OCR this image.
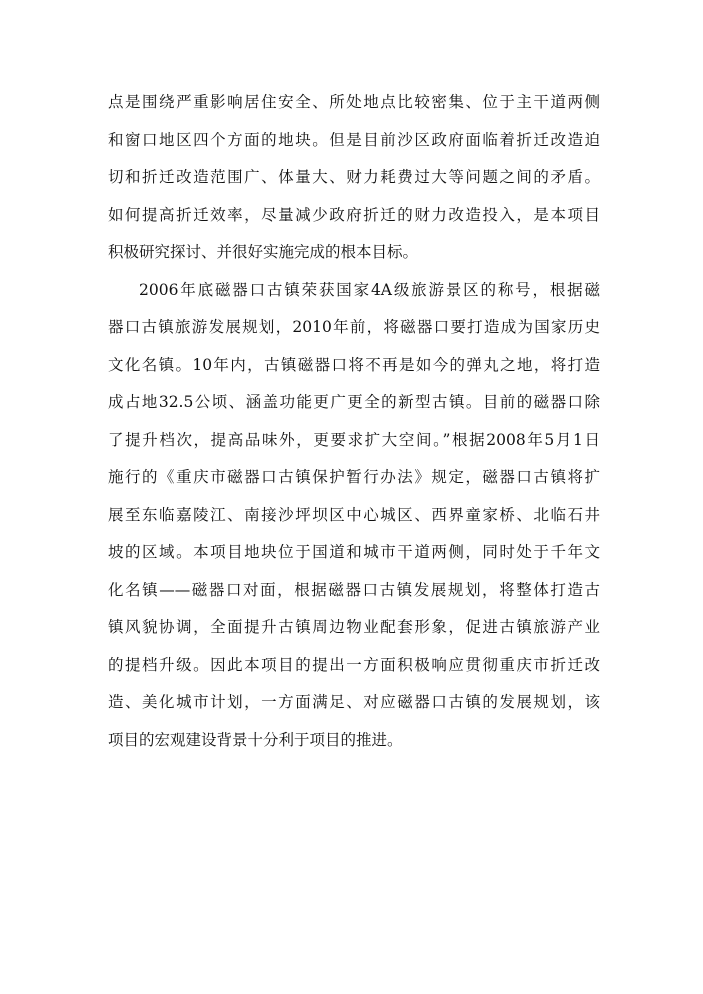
点是围绕严重影响居住安全、所处地点比较密集、位于主干道两侧
和窗口地区四个方面的地块。但是目前沙区政府面临着折迁改造迫
切和折迁改造范围广、体量大、财力耗费过大等问题之间的矛盾。
如何提高折迁效率，尽量减少政府折迁的财力改造投入，是本项目
积极研究探讨、并很好实施完成的根本目标。
2006年底磁器口古镇荣获国家4A级旅游景区的称号，根据磁
器口古镇旅游发展规划，2010年前，将磁器口要打造成为国家历史
文化名镇。10年内，古镇磁器口将不再是如今的弹丸之地，将打造
成占地32.5公顷、涵盖功能更广更全的新型古镇。目前的磁器口除
了提升档次，提高品味外，更要求扩大空间。”根据2008年5月1日
施行的《重庆市磁器口古镇保护暂行办法》规定，磁器口古镇将扩
展至东临嘉陵江、南接沙坪坝区中心城区、西界童家桥、北临石井
坡的区域。本项目地块位于国道和城市干道两侧，同时处于千年文
化名镇——磁器口对面，根据磁器口古镇发展规划，将整体打造古
镇风貌协调，全面提升古镇周边物业配套形象，促进古镇旅游产业
的提档升级。因此本项目的提出一方面积极响应贯彻重庆市折迁改
造、美化城市计划，一方面满足、对应磁器口古镇的发展规划，该
项目的宏观建设背景十分利于项目的推进。
